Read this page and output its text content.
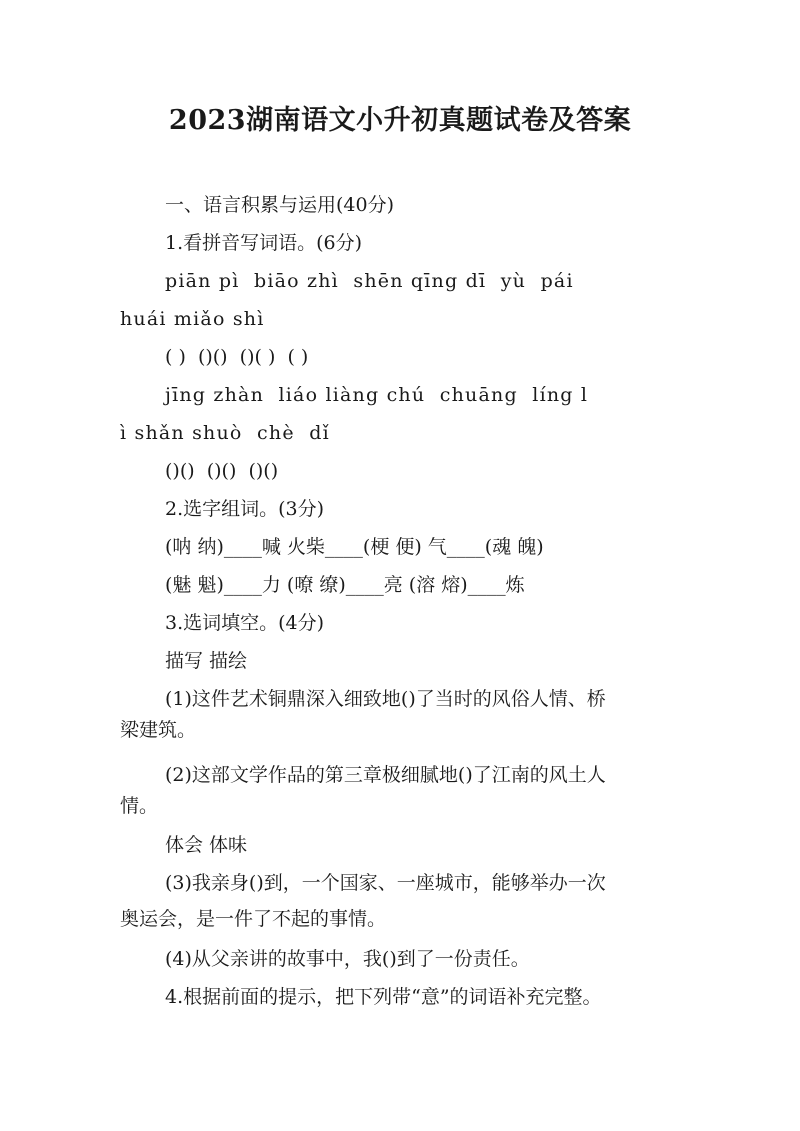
2023湖南语文小升初真题试卷及答案
一、语言积累与运用(40分)
1.看拼音写词语。(6分)
piān pì  biāo zhì  shēn qīng dī  yù  pái
huái miǎo shì
( )  ()()  ()( )  ( )
jīng zhàn  liáo liàng chú  chuāng  líng l
ì shǎn shuò  chè  dǐ
()()  ()()  ()()
2.选字组词。(3分)
(呐 纳)____喊 火柴____(梗 便) 气____(魂 魄)
(魅 魁)____力 (嘹 缭)____亮 (溶 熔)____炼
3.选词填空。(4分)
描写 描绘
(1)这件艺术铜鼎深入细致地()了当时的风俗人情、桥
梁建筑。
(2)这部文学作品的第三章极细腻地()了江南的风土人
情。
体会 体味
(3)我亲身()到，一个国家、一座城市，能够举办一次
奥运会，是一件了不起的事情。
(4)从父亲讲的故事中，我()到了一份责任。
4.根据前面的提示，把下列带“意”的词语补充完整。
